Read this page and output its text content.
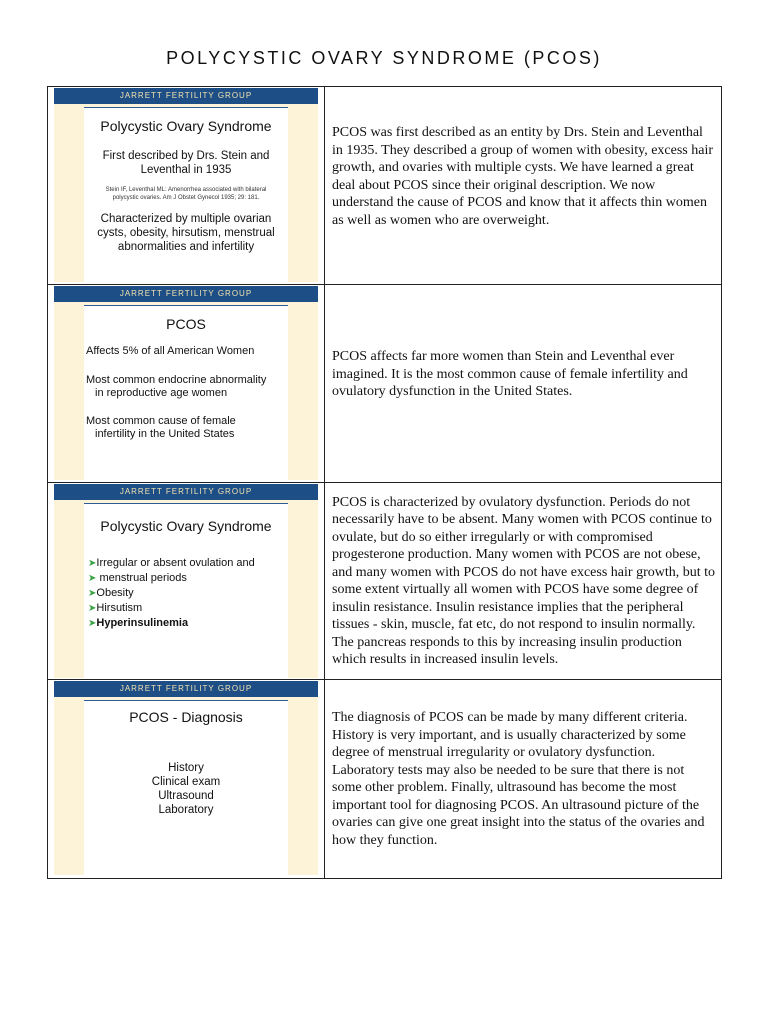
POLYCYSTIC OVARY SYNDROME (PCOS)
JARRETT FERTILITY GROUP
Polycystic Ovary Syndrome
First described by Drs. Stein and
Leventhal in 1935
Stein IF, Leventhal ML: Amenorrhea associated with bilateral
polycystic ovaries. Am J Obstet Gynecol 1935; 29: 181.
Characterized by multiple ovarian
cysts, obesity, hirsutism, menstrual
abnormalities and infertility
PCOS was first described as an entity by Drs. Stein and Leventhal in 1935. They described a group of women with obesity, excess hair growth, and ovaries with multiple cysts. We have learned a great deal about PCOS since their original description. We now understand the cause of PCOS and know that it affects thin women as well as women who are overweight.
JARRETT FERTILITY GROUP
PCOS
Affects 5% of all American Women
Most common endocrine abnormality
in reproductive age women
Most common cause of female
infertility in the United States
PCOS affects far more women than Stein and Leventhal ever imagined. It is the most common cause of female infertility and ovulatory dysfunction in the United States.
JARRETT FERTILITY GROUP
Polycystic Ovary Syndrome
➤Irregular or absent ovulation and
➤ menstrual periods
➤Obesity
➤Hirsutism
➤Hyperinsulinemia
PCOS is characterized by ovulatory dysfunction. Periods do not necessarily have to be absent. Many women with PCOS continue to ovulate, but do so either irregularly or with compromised progesterone production. Many women with PCOS are not obese, and many women with PCOS do not have excess hair growth, but to some extent virtually all women with PCOS have some degree of insulin resistance. Insulin resistance implies that the peripheral tissues - skin, muscle, fat etc, do not respond to insulin normally. The pancreas responds to this by increasing insulin production which results in increased insulin levels.
JARRETT FERTILITY GROUP
PCOS - Diagnosis
History
Clinical exam
Ultrasound
Laboratory
The diagnosis of PCOS can be made by many different criteria. History is very important, and is usually characterized by some degree of menstrual irregularity or ovulatory dysfunction. Laboratory tests may also be needed to be sure that there is not some other problem. Finally, ultrasound has become the most important tool for diagnosing PCOS. An ultrasound picture of the ovaries can give one great insight into the status of the ovaries and how they function.
